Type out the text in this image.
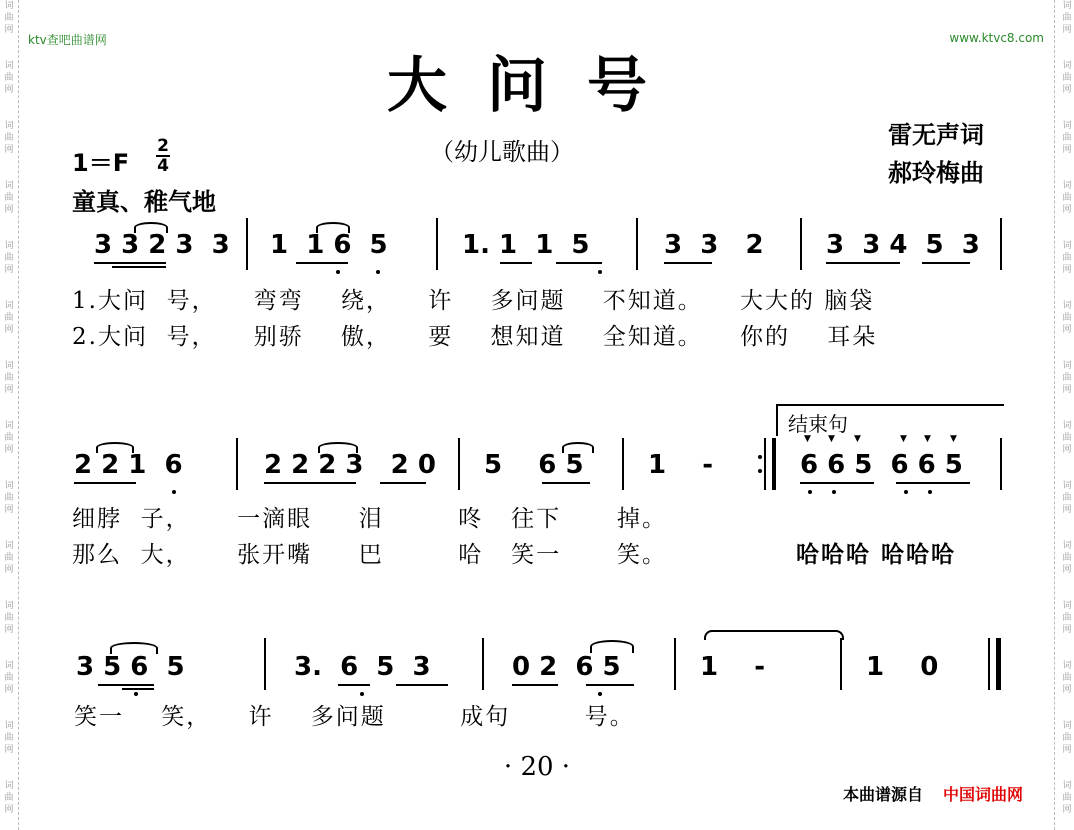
词
曲
网
词
曲
网
词
曲
网
词
曲
网
词
曲
网
词
曲
网
词
曲
网
词
曲
网
词
曲
网
词
曲
网
词
曲
网
词
曲
网
词
曲
网
词
曲
网
词
曲
网
词
曲
网
词
曲
网
词
曲
网
词
曲
网
词
曲
网
词
曲
网
词
曲
网
词
曲
网
词
曲
网
词
曲
网
词
曲
网
词
曲
网
词
曲
网
ktv查吧曲谱网	www.ktvc8.com
大问号
（幼儿歌曲）
雷无声词
郝玲梅曲
1＝F
2
4
童真、稚气地
3 3 2 3  3 1  1 6  5	1. 1  1  5	3  3   2 3  3 4  5  3
1.大问  号，    弯弯    绕，    许    多问题    不知道。    大大的 脑袋
2.大问  号，    别骄    傲，    要    想知道    全知道。    你的    耳朵
结束句
2 2 1  6	2 2 2 3   2 0 5    6 5 1    -	6 6 5  6 6 5
▼ ▼ ▼	▼ ▼ ▼
细脖  子，     一滴眼     泪        咚   往下      掉。
那么  大，     张开嘴     巴        哈   笑一      笑。	哈哈哈 哈哈哈
3 5 6  5	3.  6  5  3	0 2  6 5	1    -	1    0
笑一    笑，    许    多问题        成句        号。
· 20 ·
本曲谱源自 中国词曲网
